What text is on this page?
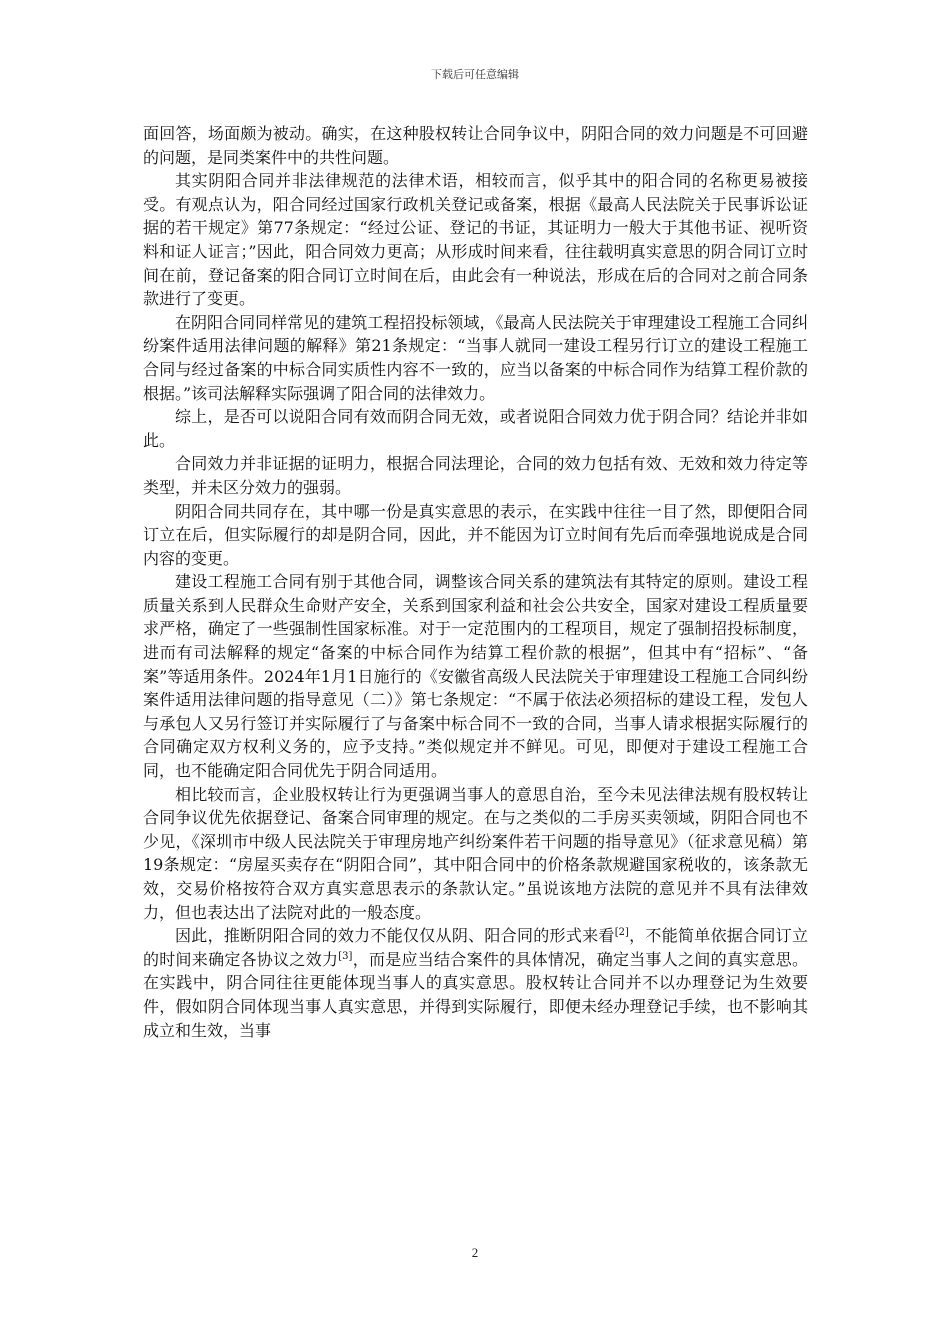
下载后可任意编辑

面回答，场面颇为被动。确实，在这种股权转让合同争议中，阴阳合同的效力问题是不可回避的问题，是同类案件中的共性问题。

其实阴阳合同并非法律规范的法律术语，相较而言，似乎其中的阳合同的名称更易被接受。有观点认为，阳合同经过国家行政机关登记或备案，根据《最高人民法院关于民事诉讼证据的若干规定》第77条规定：“经过公证、登记的书证，其证明力一般大于其他书证、视听资料和证人证言；”因此，阳合同效力更高；从形成时间来看，往往载明真实意思的阴合同订立时间在前，登记备案的阳合同订立时间在后，由此会有一种说法，形成在后的合同对之前合同条款进行了变更。

在阴阳合同同样常见的建筑工程招投标领域，《最高人民法院关于审理建设工程施工合同纠纷案件适用法律问题的解释》第21条规定：“当事人就同一建设工程另行订立的建设工程施工合同与经过备案的中标合同实质性内容不一致的，应当以备案的中标合同作为结算工程价款的根据。”该司法解释实际强调了阳合同的法律效力。

综上，是否可以说阳合同有效而阴合同无效，或者说阳合同效力优于阴合同？结论并非如此。

合同效力并非证据的证明力，根据合同法理论，合同的效力包括有效、无效和效力待定等类型，并未区分效力的强弱。

阴阳合同共同存在，其中哪一份是真实意思的表示，在实践中往往一目了然，即便阳合同订立在后，但实际履行的却是阴合同，因此，并不能因为订立时间有先后而牵强地说成是合同内容的变更。

建设工程施工合同有别于其他合同，调整该合同关系的建筑法有其特定的原则。建设工程质量关系到人民群众生命财产安全，关系到国家利益和社会公共安全，国家对建设工程质量要求严格，确定了一些强制性国家标准。对于一定范围内的工程项目，规定了强制招投标制度，进而有司法解释的规定“备案的中标合同作为结算工程价款的根据”，但其中有“招标”、“备案”等适用条件。2024年1月1日施行的《安徽省高级人民法院关于审理建设工程施工合同纠纷案件适用法律问题的指导意见（二）》第七条规定：“不属于依法必须招标的建设工程，发包人与承包人又另行签订并实际履行了与备案中标合同不一致的合同，当事人请求根据实际履行的合同确定双方权利义务的，应予支持。”类似规定并不鲜见。可见，即便对于建设工程施工合同，也不能确定阳合同优先于阴合同适用。

相比较而言，企业股权转让行为更强调当事人的意思自治，至今未见法律法规有股权转让合同争议优先依据登记、备案合同审理的规定。在与之类似的二手房买卖领域，阴阳合同也不少见，《深圳市中级人民法院关于审理房地产纠纷案件若干问题的指导意见》（征求意见稿）第19条规定：“房屋买卖存在“阴阳合同”，其中阳合同中的价格条款规避国家税收的，该条款无效，交易价格按符合双方真实意思表示的条款认定。”虽说该地方法院的意见并不具有法律效力，但也表达出了法院对此的一般态度。

因此，推断阴阳合同的效力不能仅仅从阴、阳合同的形式来看[2]，不能简单依据合同订立的时间来确定各协议之效力[3]，而是应当结合案件的具体情况，确定当事人之间的真实意思。在实践中，阴合同往往更能体现当事人的真实意思。股权转让合同并不以办理登记为生效要件，假如阴合同体现当事人真实意思，并得到实际履行，即便未经办理登记手续，也不影响其成立和生效，当事

2
